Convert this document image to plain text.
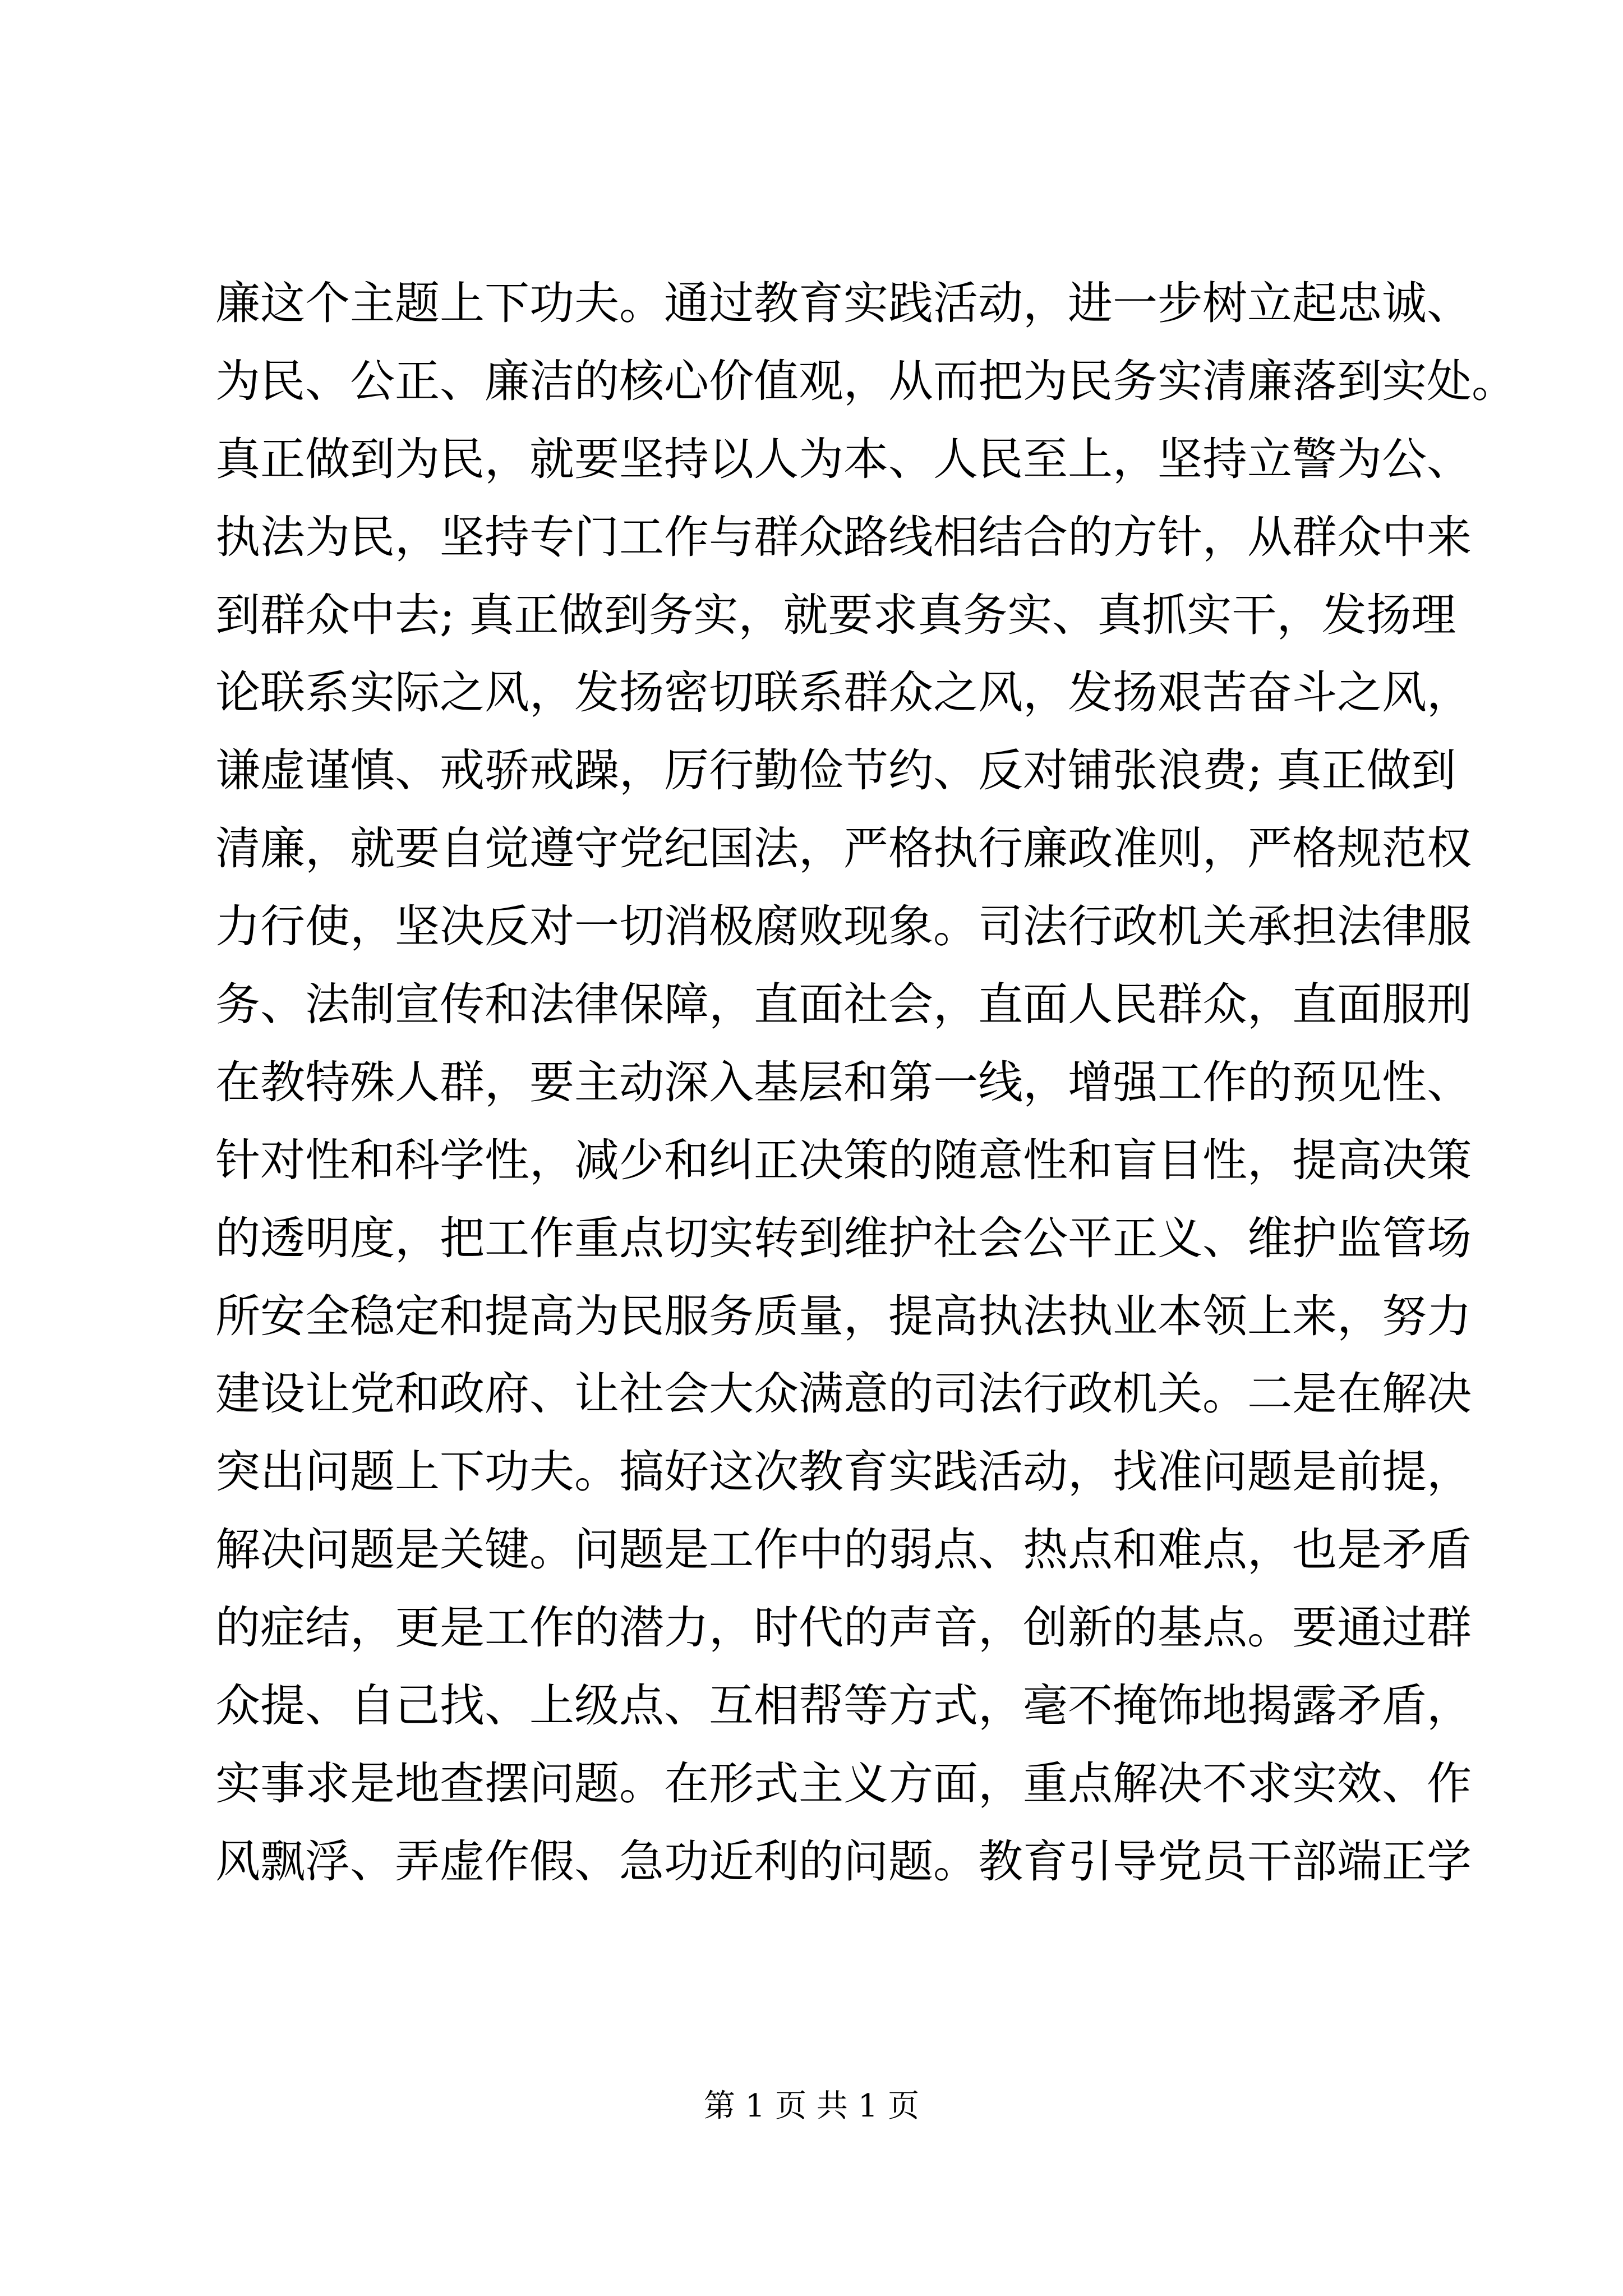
廉这个主题上下功夫。通过教育实践活动，进一步树立起忠诚、
为民、公正、廉洁的核心价值观，从而把为民务实清廉落到实处。
真正做到为民，就要坚持以人为本、人民至上，坚持立警为公、
执法为民，坚持专门工作与群众路线相结合的方针，从群众中来
到群众中去; 真正做到务实，就要求真务实、真抓实干，发扬理
论联系实际之风，发扬密切联系群众之风，发扬艰苦奋斗之风，
谦虚谨慎、戒骄戒躁，厉行勤俭节约、反对铺张浪费; 真正做到
清廉，就要自觉遵守党纪国法，严格执行廉政准则，严格规范权
力行使，坚决反对一切消极腐败现象。司法行政机关承担法律服
务、法制宣传和法律保障，直面社会，直面人民群众，直面服刑
在教特殊人群，要主动深入基层和第一线，增强工作的预见性、
针对性和科学性，减少和纠正决策的随意性和盲目性，提高决策
的透明度，把工作重点切实转到维护社会公平正义、维护监管场
所安全稳定和提高为民服务质量，提高执法执业本领上来，努力
建设让党和政府、让社会大众满意的司法行政机关。二是在解决
突出问题上下功夫。搞好这次教育实践活动，找准问题是前提，
解决问题是关键。问题是工作中的弱点、热点和难点，也是矛盾
的症结，更是工作的潜力，时代的声音，创新的基点。要通过群
众提、自己找、上级点、互相帮等方式，毫不掩饰地揭露矛盾，
实事求是地查摆问题。在形式主义方面，重点解决不求实效、作
风飘浮、弄虚作假、急功近利的问题。教育引导党员干部端正学
第 1 页 共 1 页
